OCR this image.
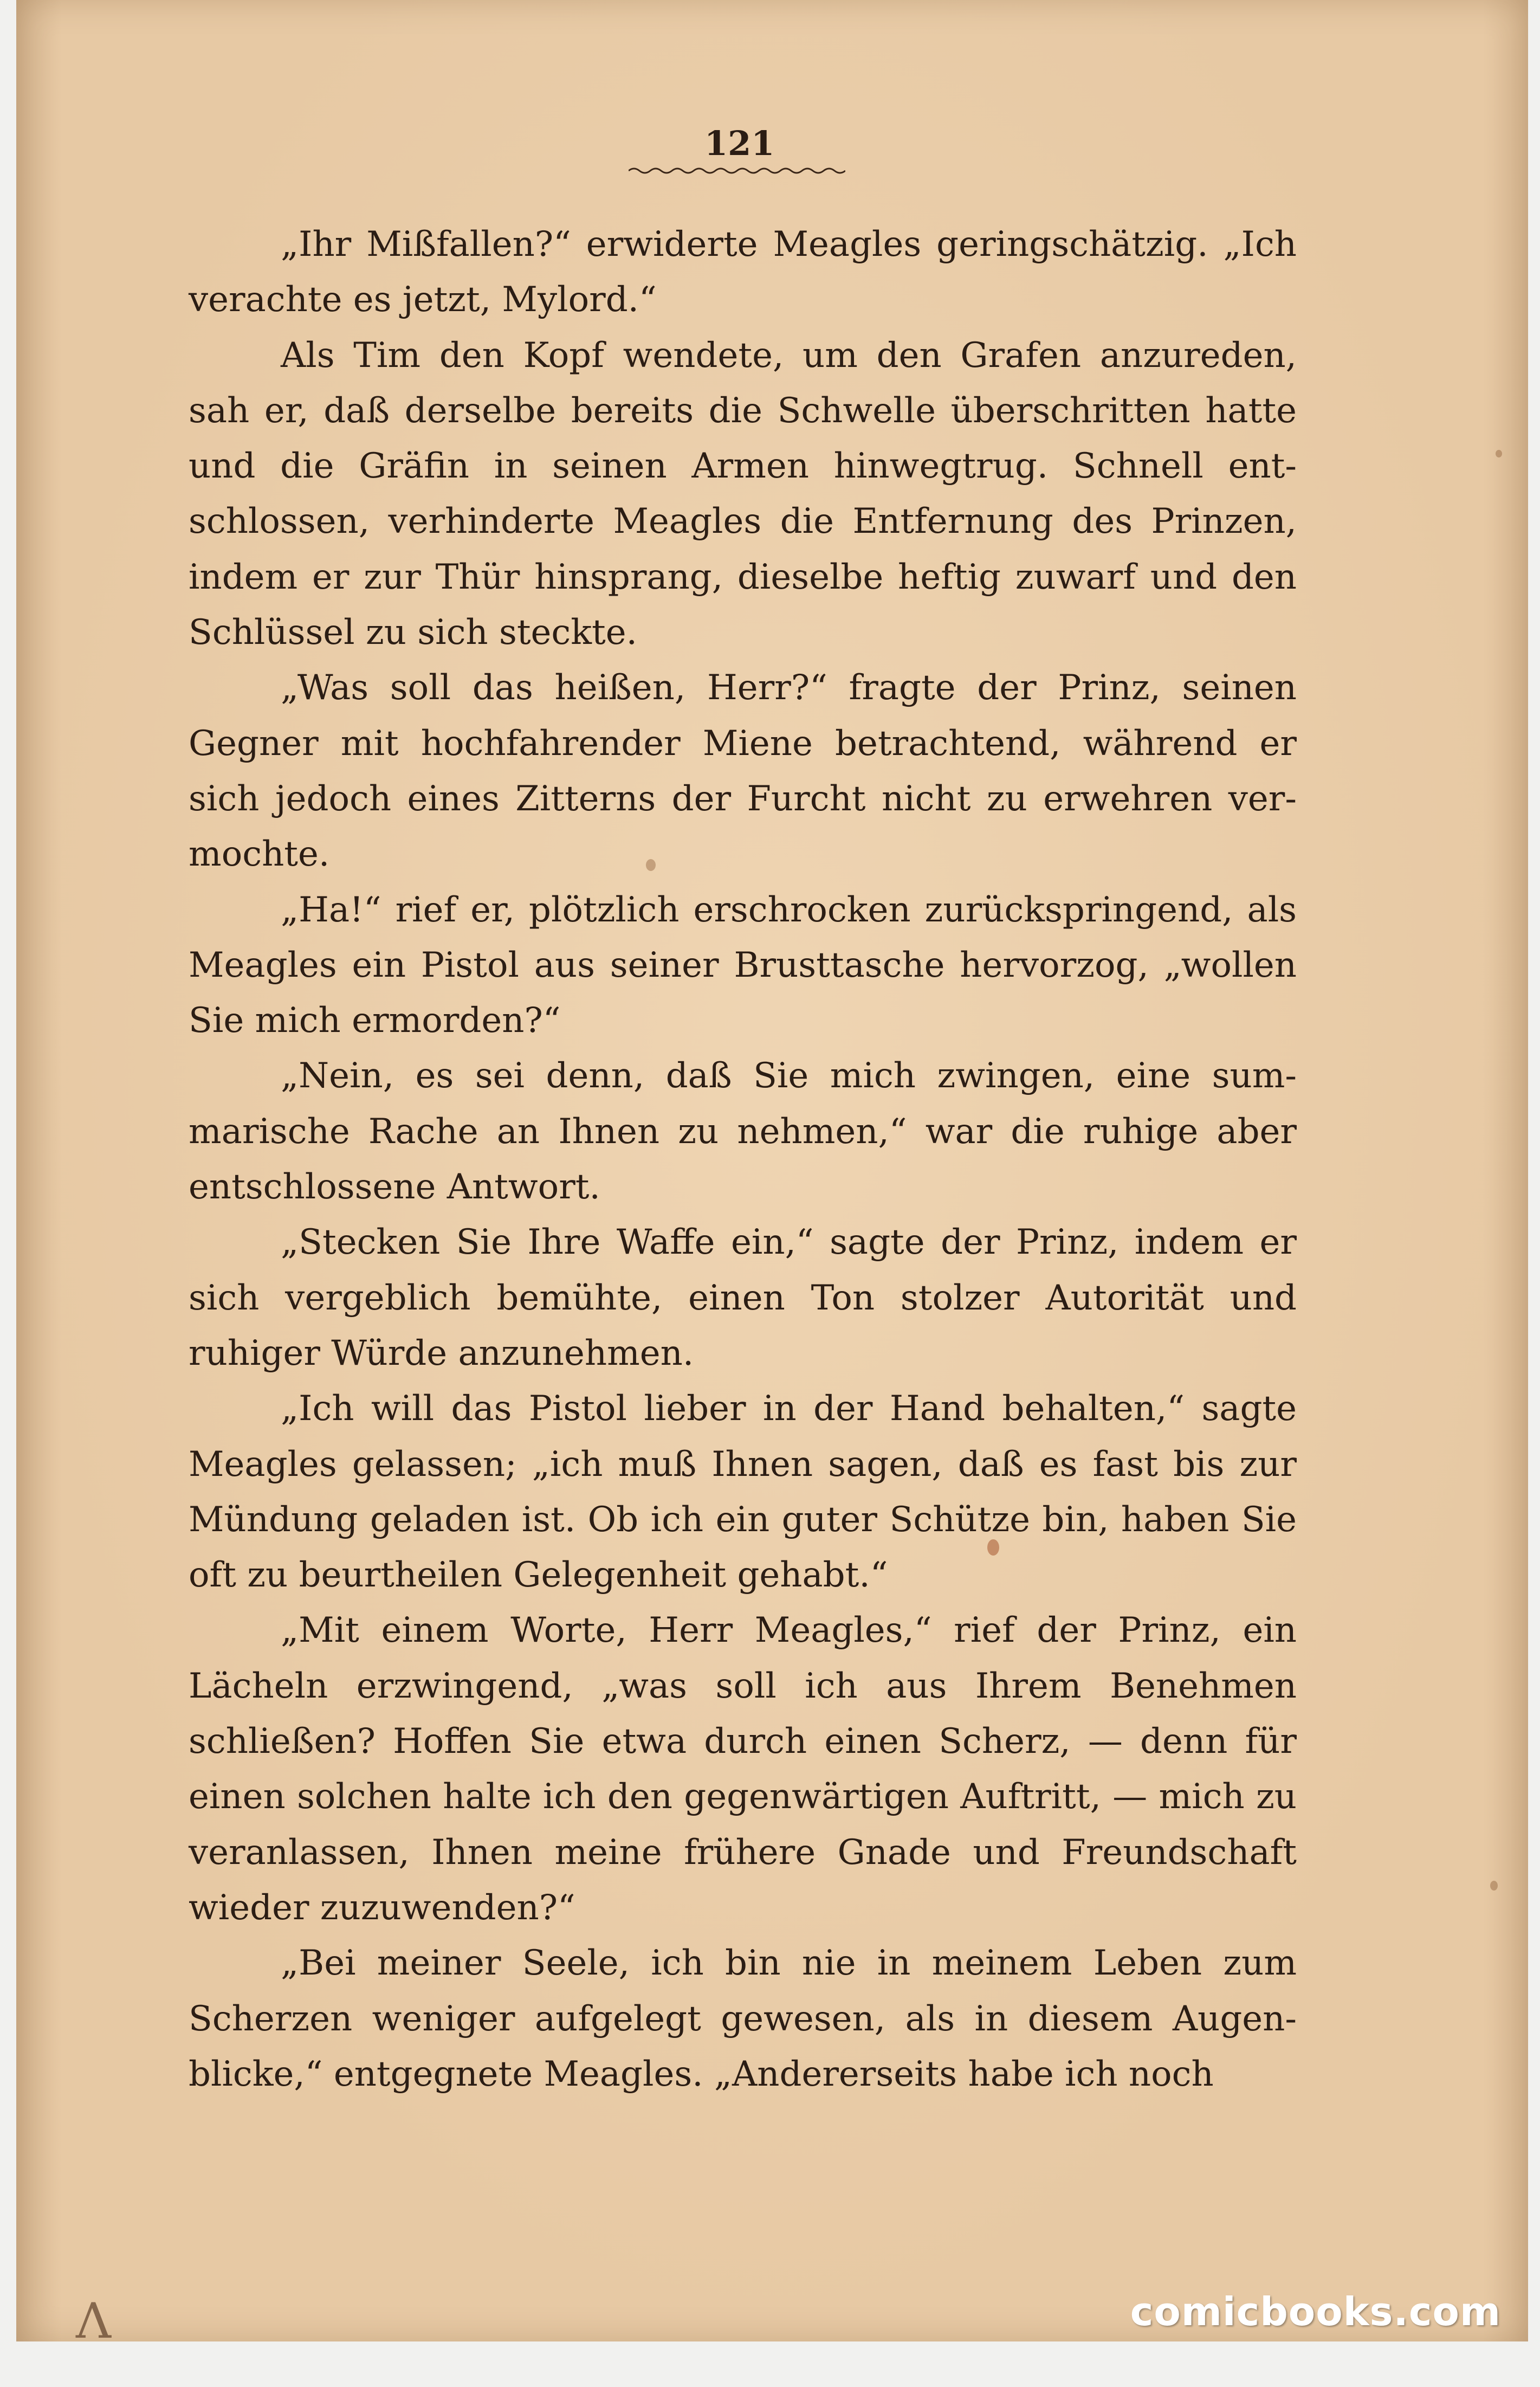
121

„Ihr Mißfallen?“ erwiderte Meagles geringschätzig. „Ich verachte es jetzt, Mylord.“

Als Tim den Kopf wendete, um den Grafen anzureden, sah er, daß derselbe bereits die Schwelle überschritten hatte und die Gräfin in seinen Armen hinwegtrug. Schnell entschlossen, verhinderte Meagles die Entfernung des Prinzen, indem er zur Thür hinsprang, dieselbe heftig zuwarf und den Schlüssel zu sich steckte.

„Was soll das heißen, Herr?“ fragte der Prinz, seinen Gegner mit hochfahrender Miene betrachtend, während er sich jedoch eines Zitterns der Furcht nicht zu erwehren vermochte.

„Ha!“ rief er, plötzlich erschrocken zurückspringend, als Meagles ein Pistol aus seiner Brusttasche hervorzog, „wollen Sie mich ermorden?“

„Nein, es sei denn, daß Sie mich zwingen, eine summarische Rache an Ihnen zu nehmen,“ war die ruhige aber entschlossene Antwort.

„Stecken Sie Ihre Waffe ein,“ sagte der Prinz, indem er sich vergeblich bemühte, einen Ton stolzer Autorität und ruhiger Würde anzunehmen.

„Ich will das Pistol lieber in der Hand behalten,“ sagte Meagles gelassen; „ich muß Ihnen sagen, daß es fast bis zur Mündung geladen ist. Ob ich ein guter Schütze bin, haben Sie oft zu beurtheilen Gelegenheit gehabt.“

„Mit einem Worte, Herr Meagles,“ rief der Prinz, ein Lächeln erzwingend, „was soll ich aus Ihrem Benehmen schließen? Hoffen Sie etwa durch einen Scherz, — denn für einen solchen halte ich den gegenwärtigen Auftritt, — mich zu veranlassen, Ihnen meine frühere Gnade und Freundschaft wieder zuzuwenden?“

„Bei meiner Seele, ich bin nie in meinem Leben zum Scherzen weniger aufgelegt gewesen, als in diesem Augenblicke,“ entgegnete Meagles. „Andererseits habe ich noch

Λ	comicbooks.com
